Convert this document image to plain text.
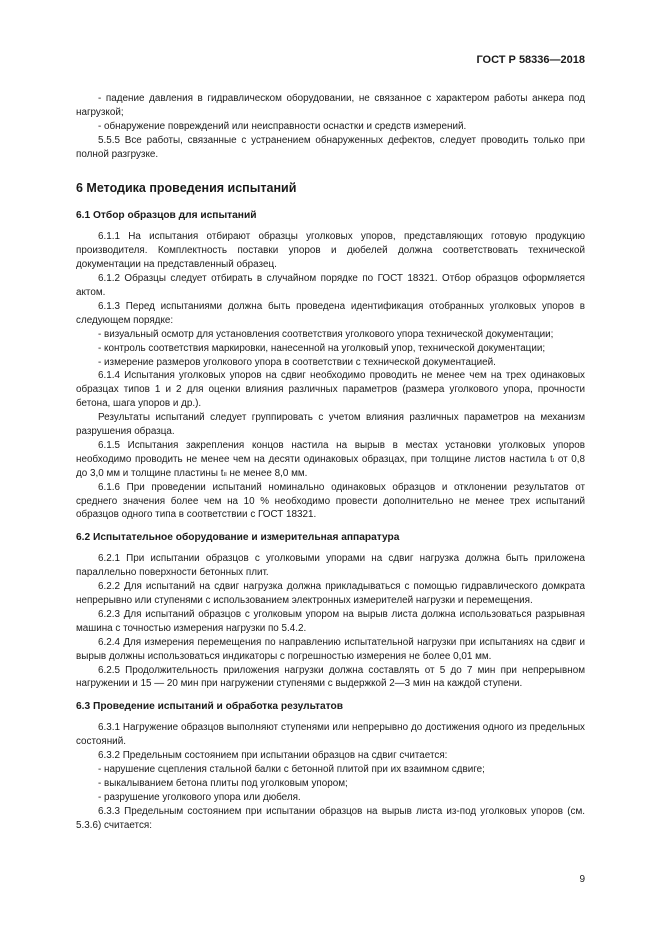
ГОСТ Р 58336—2018

- падение давления в гидравлическом оборудовании, не связанное с характером работы анкера под нагрузкой;

- обнаружение повреждений или неисправности оснастки и средств измерений.

5.5.5 Все работы, связанные с устранением обнаруженных дефектов, следует проводить только при полной разгрузке.

6 Методика проведения испытаний

6.1 Отбор образцов для испытаний

6.1.1 На испытания отбирают образцы уголковых упоров, представляющих готовую продукцию производителя. Комплектность поставки упоров и дюбелей должна соответствовать технической документации на представленный образец.

6.1.2 Образцы следует отбирать в случайном порядке по ГОСТ 18321. Отбор образцов оформляется актом.

6.1.3 Перед испытаниями должна быть проведена идентификация отобранных уголковых упоров в следующем порядке:

- визуальный осмотр для установления соответствия уголкового упора технической документации;

- контроль соответствия маркировки, нанесенной на уголковый упор, технической документации;

- измерение размеров уголкового упора в соответствии с технической документацией.

6.1.4 Испытания уголковых упоров на сдвиг необходимо проводить не менее чем на трех одинаковых образцах типов 1 и 2 для оценки влияния различных параметров (размера уголкового упора, прочности бетона, шага упоров и др.).

Результаты испытаний следует группировать с учетом влияния различных параметров на механизм разрушения образца.

6.1.5 Испытания закрепления концов настила на вырыв в местах установки уголковых упоров необходимо проводить не менее чем на десяти одинаковых образцах, при толщине листов настила tₗ от 0,8 до 3,0 мм и толщине пластины tₗₗ не менее 8,0 мм.

6.1.6 При проведении испытаний номинально одинаковых образцов и отклонении результатов от среднего значения более чем на 10 % необходимо провести дополнительно не менее трех испытаний образцов одного типа в соответствии с ГОСТ 18321.

6.2 Испытательное оборудование и измерительная аппаратура

6.2.1 При испытании образцов с уголковыми упорами на сдвиг нагрузка должна быть приложена параллельно поверхности бетонных плит.

6.2.2 Для испытаний на сдвиг нагрузка должна прикладываться с помощью гидравлического домкрата непрерывно или ступенями с использованием электронных измерителей нагрузки и перемещения.

6.2.3 Для испытаний образцов с уголковым упором на вырыв листа должна использоваться разрывная машина с точностью измерения нагрузки по 5.4.2.

6.2.4 Для измерения перемещения по направлению испытательной нагрузки при испытаниях на сдвиг и вырыв должны использоваться индикаторы с погрешностью измерения не более 0,01 мм.

6.2.5 Продолжительность приложения нагрузки должна составлять от 5 до 7 мин при непрерывном нагружении и 15 — 20 мин при нагружении ступенями с выдержкой 2—3 мин на каждой ступени.

6.3 Проведение испытаний и обработка результатов

6.3.1 Нагружение образцов выполняют ступенями или непрерывно до достижения одного из предельных состояний.

6.3.2 Предельным состоянием при испытании образцов на сдвиг считается:

- нарушение сцепления стальной балки с бетонной плитой при их взаимном сдвиге;

- выкалыванием бетона плиты под уголковым упором;

- разрушение уголкового упора или дюбеля.

6.3.3 Предельным состоянием при испытании образцов на вырыв листа из-под уголковых упоров (см. 5.3.6) считается:

9
